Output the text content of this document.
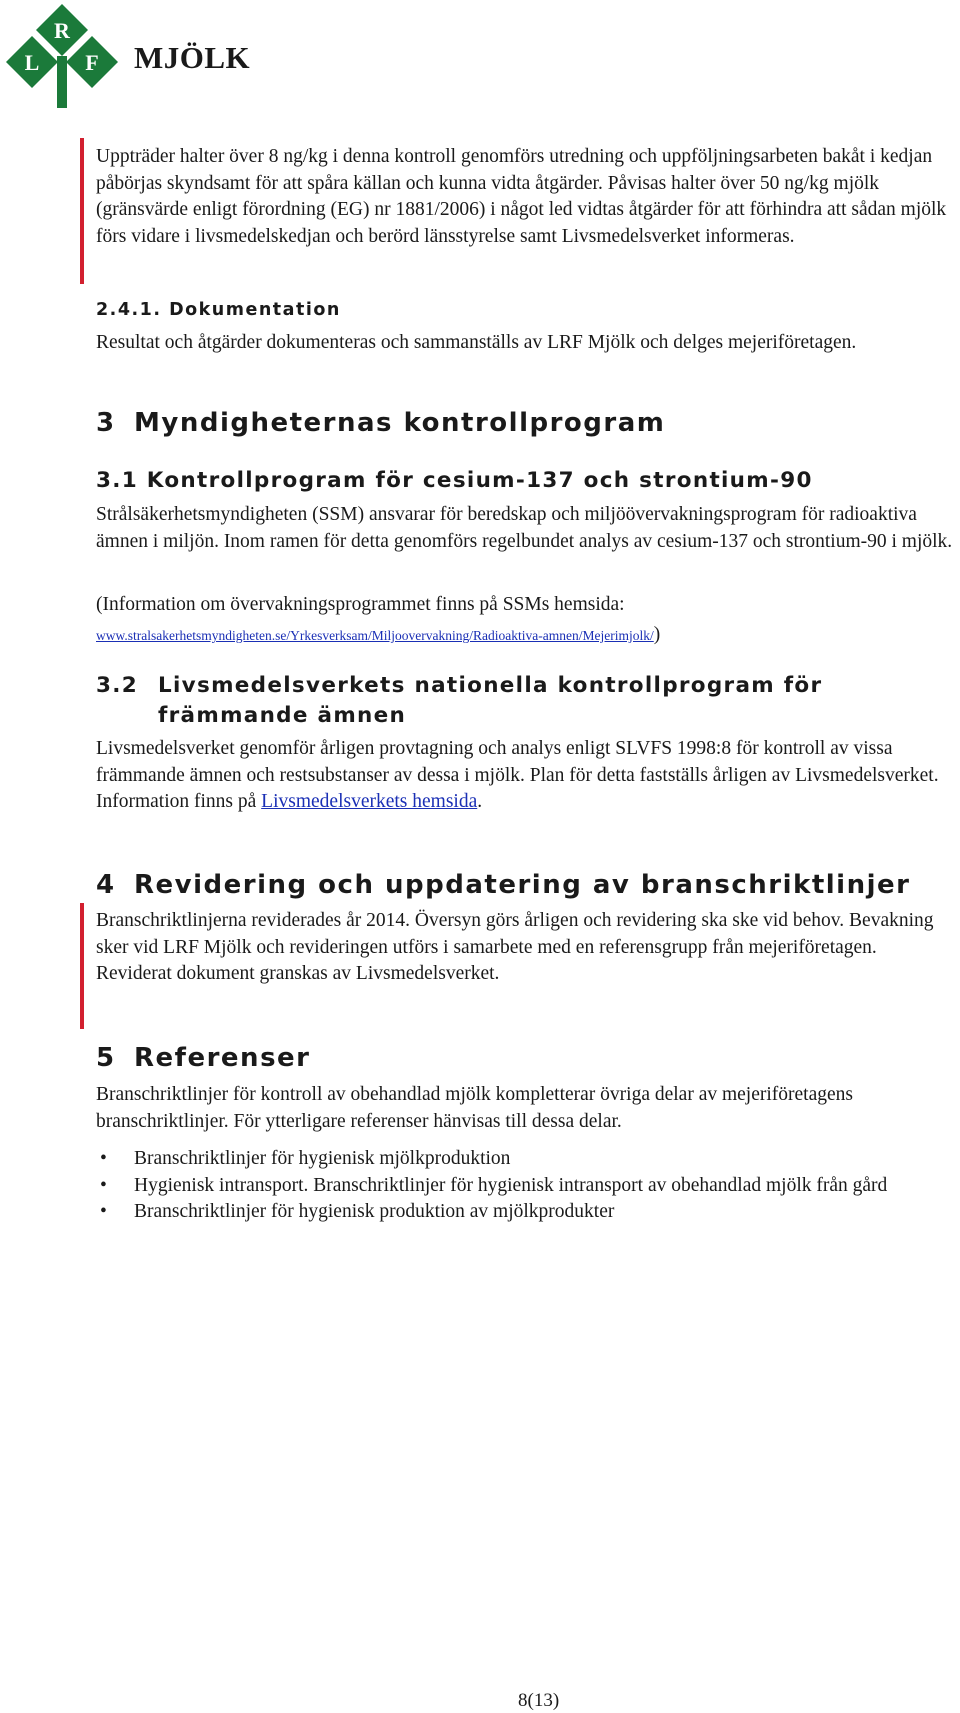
R
L F MJÖLK

Uppträder halter över 8 ng/kg i denna kontroll genomförs utredning och uppföljningsarbeten bakåt i kedjan påbörjas skyndsamt för att spåra källan och kunna vidta åtgärder. Påvisas halter över 50 ng/kg mjölk (gränsvärde enligt förordning (EG) nr 1881/2006) i något led vidtas åtgärder för att förhindra att sådan mjölk förs vidare i livsmedelskedjan och berörd länsstyrelse samt Livsmedelsverket informeras.

2.4.1. Dokumentation

Resultat och åtgärder dokumenteras och sammanställs av LRF Mjölk och delges mejeriföretagen.

3 Myndigheternas kontrollprogram
3.1 Kontrollprogram för cesium-137 och strontium-90

Strålsäkerhetsmyndigheten (SSM) ansvarar för beredskap och miljöövervakningsprogram för radioaktiva ämnen i miljön. Inom ramen för detta genomförs regelbundet analys av cesium-137 och strontium-90 i mjölk.

(Information om övervakningsprogrammet finns på SSMs hemsida:

www.stralsakerhetsmyndigheten.se/Yrkesverksam/Miljoovervakning/Radioaktiva-amnen/Mejerimjolk/)
3.2 Livsmedelsverkets nationella kontrollprogram för
främmande ämnen

Livsmedelsverket genomför årligen provtagning och analys enligt SLVFS 1998:8 för kontroll av vissa främmande ämnen och restsubstanser av dessa i mjölk. Plan för detta fastställs årligen av Livsmedelsverket. Information finns på Livsmedelsverkets hemsida.

4 Revidering och uppdatering av branschriktlinjer

Branschriktlinjerna reviderades år 2014. Översyn görs årligen och revidering ska ske vid behov. Bevakning sker vid LRF Mjölk och revideringen utförs i samarbete med en referensgrupp från mejeriföretagen. Reviderat dokument granskas av Livsmedelsverket.

5 Referenser

Branschriktlinjer för kontroll av obehandlad mjölk kompletterar övriga delar av mejeriföretagens branschriktlinjer. För ytterligare referenser hänvisas till dessa delar.

• Branschriktlinjer för hygienisk mjölkproduktion
• Hygienisk intransport. Branschriktlinjer för hygienisk intransport av obehandlad mjölk från gård
• Branschriktlinjer för hygienisk produktion av mjölkprodukter
8(13)
